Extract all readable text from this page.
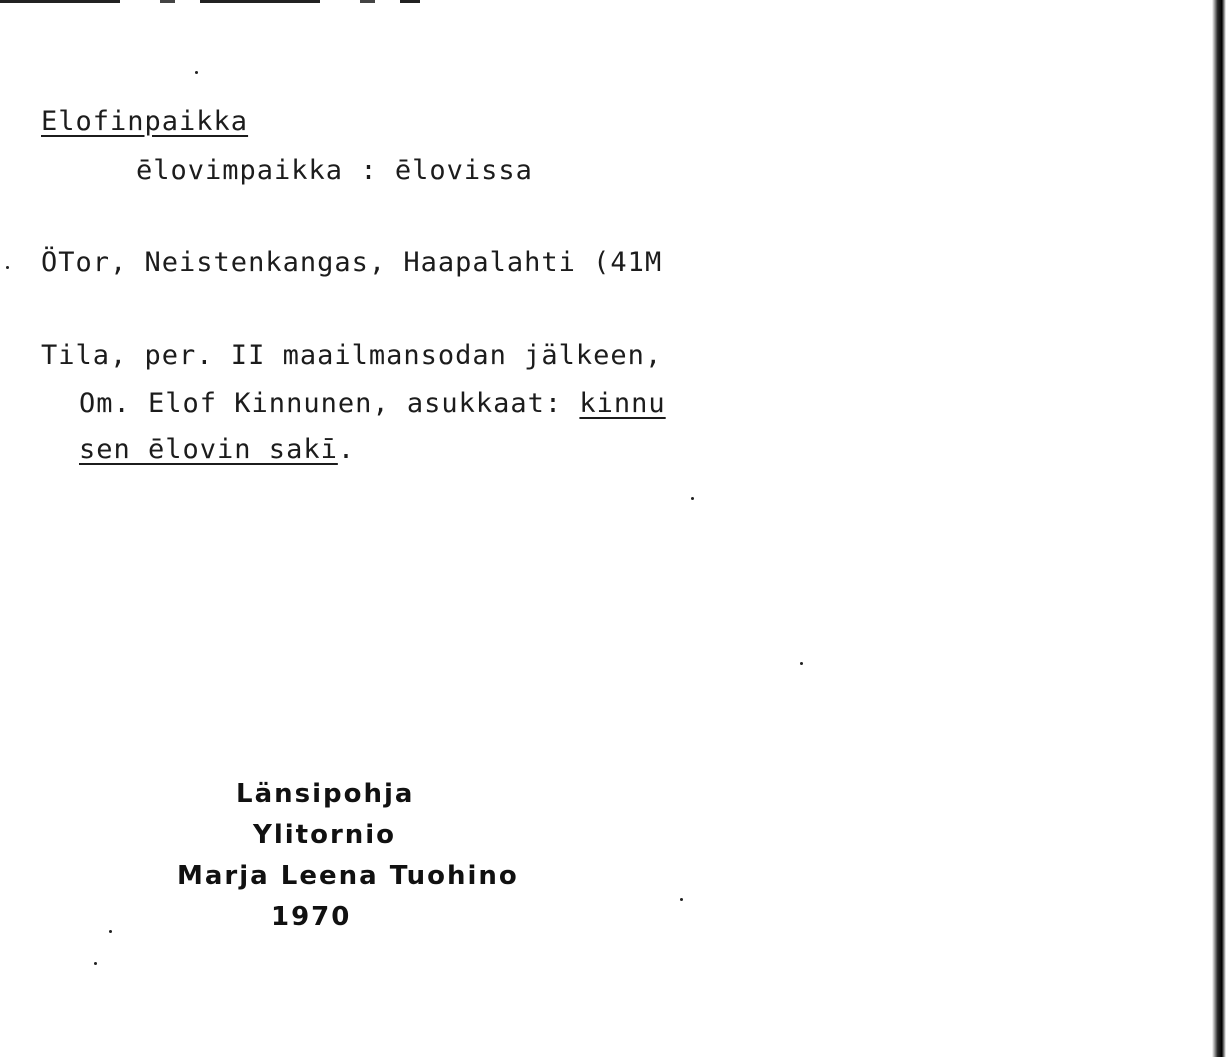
Elofinpaikka
ēlovimpaikka : ēlovissa
ÖTor, Neistenkangas, Haapalahti (41M
Tila, per. II maailmansodan jälkeen,
Om. Elof Kinnunen, asukkaat: kinnu
sen ēlovin sakī.
Länsipohja
Ylitornio
Marja Leena Tuohino
1970
